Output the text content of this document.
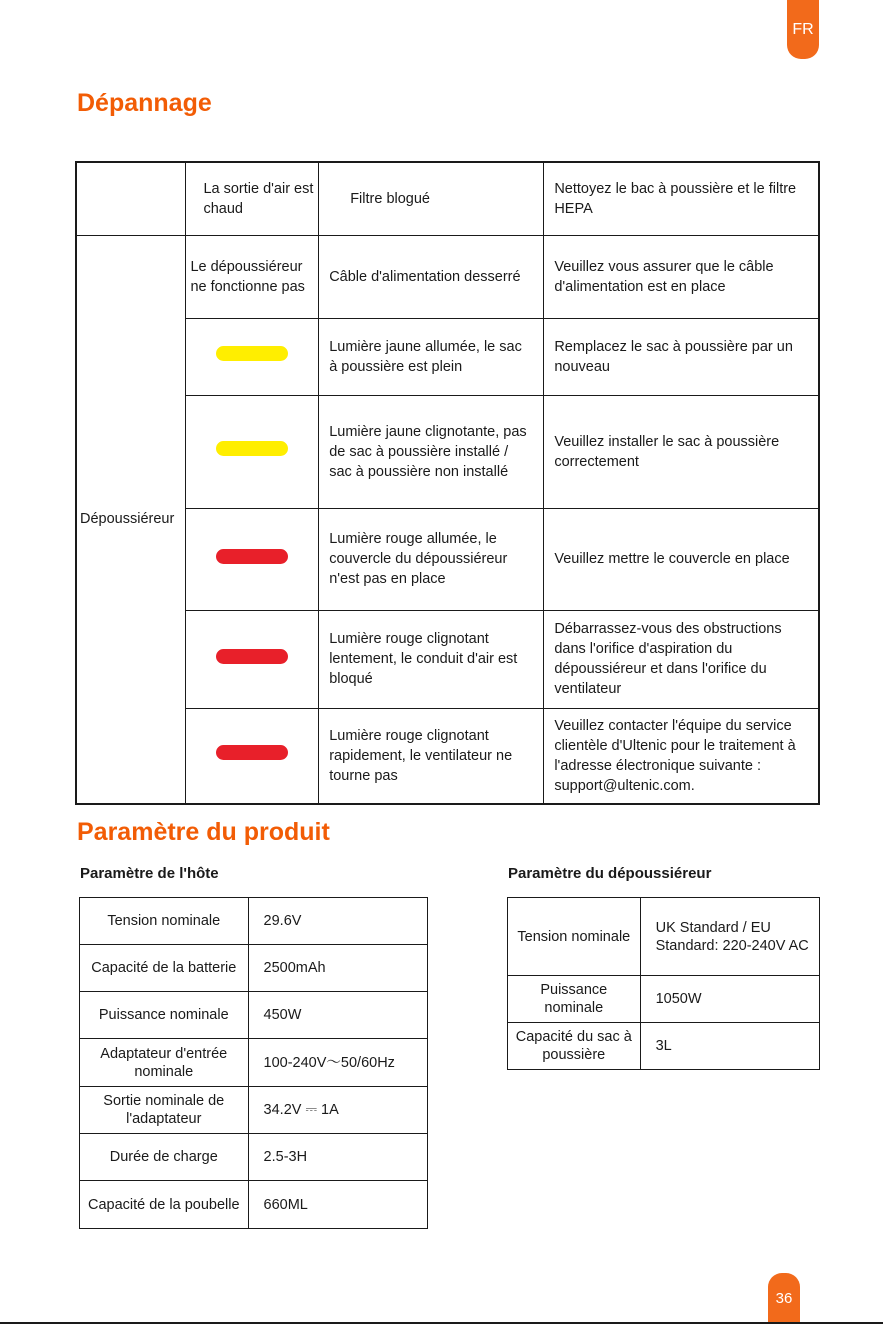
FR
Dépannage
	La sortie d'air est chaud	Filtre blogué	Nettoyez le bac à poussière et le filtre HEPA
Dépoussiéreur	Le dépoussiéreur ne fonctionne pas	Câble d'alimentation desserré	Veuillez vous assurer que le câble d'alimentation est en place
		Lumière jaune allumée, le sac à poussière est plein	Remplacez le sac à poussière par un nouveau
		Lumière jaune clignotante, pas de sac à poussière installé / sac à poussière non installé	Veuillez installer le sac à poussière correctement
		Lumière rouge allumée, le couvercle du dépoussiéreur n'est pas en place	Veuillez mettre le couvercle en place
		Lumière rouge clignotant lentement, le conduit d'air est bloqué	Débarrassez-vous des obstructions dans l'orifice d'aspiration du dépoussiéreur et dans l'orifice du ventilateur
		Lumière rouge clignotant rapidement, le ventilateur ne tourne pas	Veuillez contacter l'équipe du service clientèle d'Ultenic pour le traitement à l'adresse électronique suivante : support@ultenic.com.
Paramètre du produit
Paramètre de l'hôte	Paramètre du dépoussiéreur
Tension nominale	29.6V
Capacité de la batterie	2500mAh
Puissance nominale	450W
Adaptateur d'entrée nominale	100-240V～50/60Hz
Sortie nominale de l'adaptateur	34.2V ⎓ 1A
Durée de charge	2.5-3H
Capacité de la poubelle	660ML
Tension nominale	UK Standard / EU Standard: 220-240V AC
Puissance nominale	1050W
Capacité du sac à poussière	3L
36
